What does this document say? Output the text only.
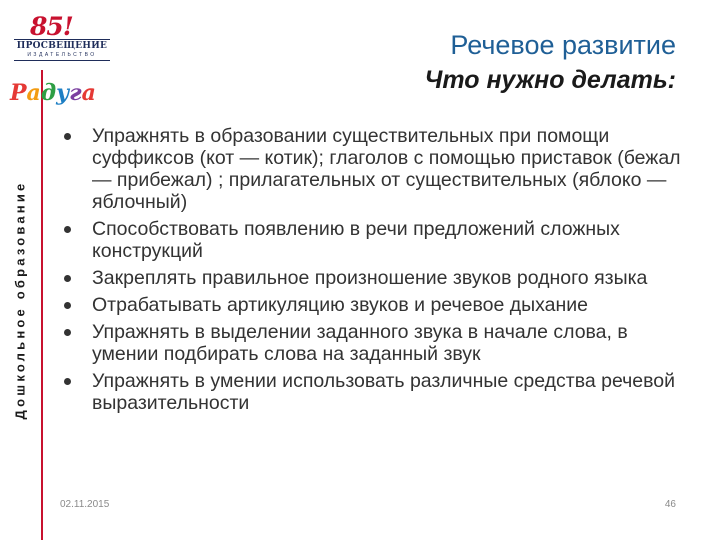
85!
ПРОСВЕЩЕНИЕ
ИЗДАТЕЛЬСТВО
Радуга
Дошкольное образование
Речевое развитие
Что нужно делать:
Упражнять в образовании существительных при помощи суффиксов (кот — котик); глаголов с помощью приставок (бежал — прибежал) ; прилагательных от существительных (яблоко — яблочный)
Способствовать появлению в речи предложений сложных конструкций
Закреплять правильное произношение звуков родного языка
Отрабатывать артикуляцию звуков и речевое дыхание
Упражнять в выделении заданного звука в начале слова, в умении подбирать слова на заданный звук
Упражнять в умении использовать различные средства речевой выразительности
02.11.2015	46
